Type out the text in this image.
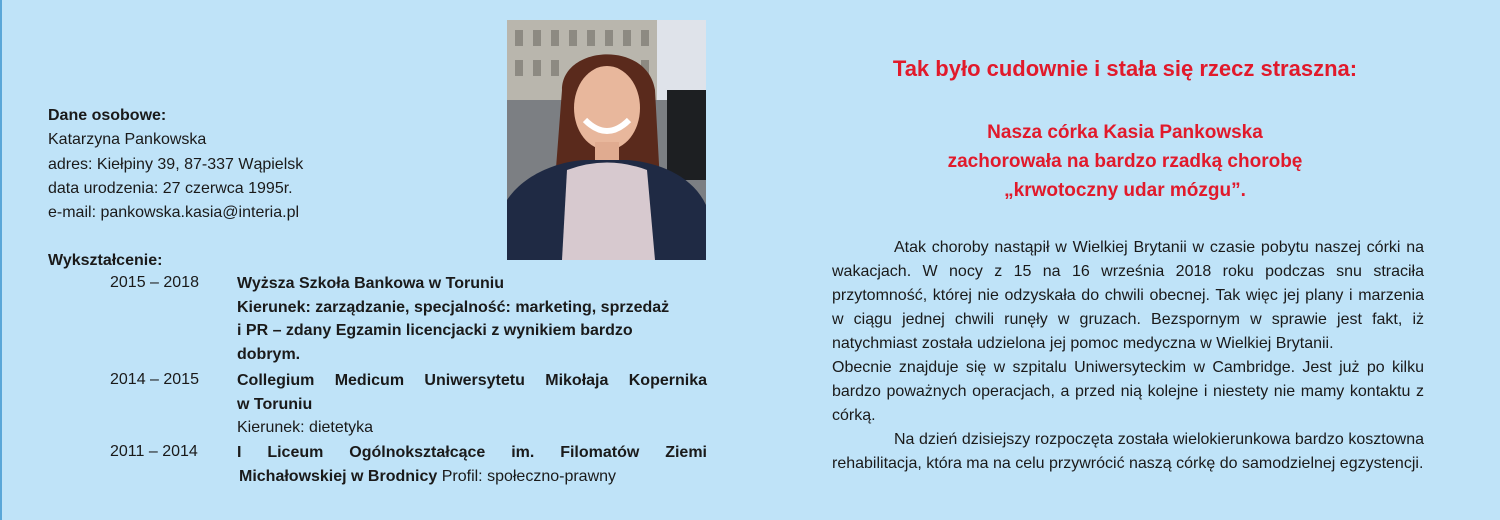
Dane osobowe:

Katarzyna Pankowska

adres: Kiełpiny 39, 87-337 Wąpielsk

data urodzenia: 27 czerwca 1995r.

e-mail: pankowska.kasia@interia.pl

Wykształcenie:
2015 – 2018 Wyższa Szkoła Bankowa w Toruniu
Kierunek: zarządzanie, specjalność: marketing, sprzedaż
i PR – zdany Egzamin licencjacki z wynikiem bardzo
dobrym.
2014 – 2015 Collegium Medicum Uniwersytetu Mikołaja Kopernika
w Toruniu
Kierunek: dietetyka
2011 – 2014 I Liceum Ogólnokształcące im. Filomatów Ziemi
Michałowskiej w Brodnicy Profil: społeczno-prawny
Tak było cudownie i stała się rzecz straszna:
Nasza córka Kasia Pankowska
zachorowała na bardzo rzadką chorobę
„krwotoczny udar mózgu”.

Atak choroby nastąpił w Wielkiej Brytanii w czasie pobytu naszej córki na wakacjach. W nocy z 15 na 16 września 2018 roku podczas snu straciła przytomność, której nie odzyskała do chwili obecnej. Tak więc jej plany i marzenia w ciągu jednej chwili runęły w gruzach. Bezspornym w sprawie jest fakt, iż natychmiast została udzielona jej pomoc medyczna w Wielkiej Brytanii.

Obecnie znajduje się w szpitalu Uniwersyteckim w Cambridge. Jest już po kilku bardzo poważnych operacjach, a przed nią kolejne i niestety nie mamy kontaktu z córką.

Na dzień dzisiejszy rozpoczęta została wielokierunkowa bardzo kosztowna rehabilitacja, która ma na celu przywrócić naszą córkę do samodzielnej egzystencji.
